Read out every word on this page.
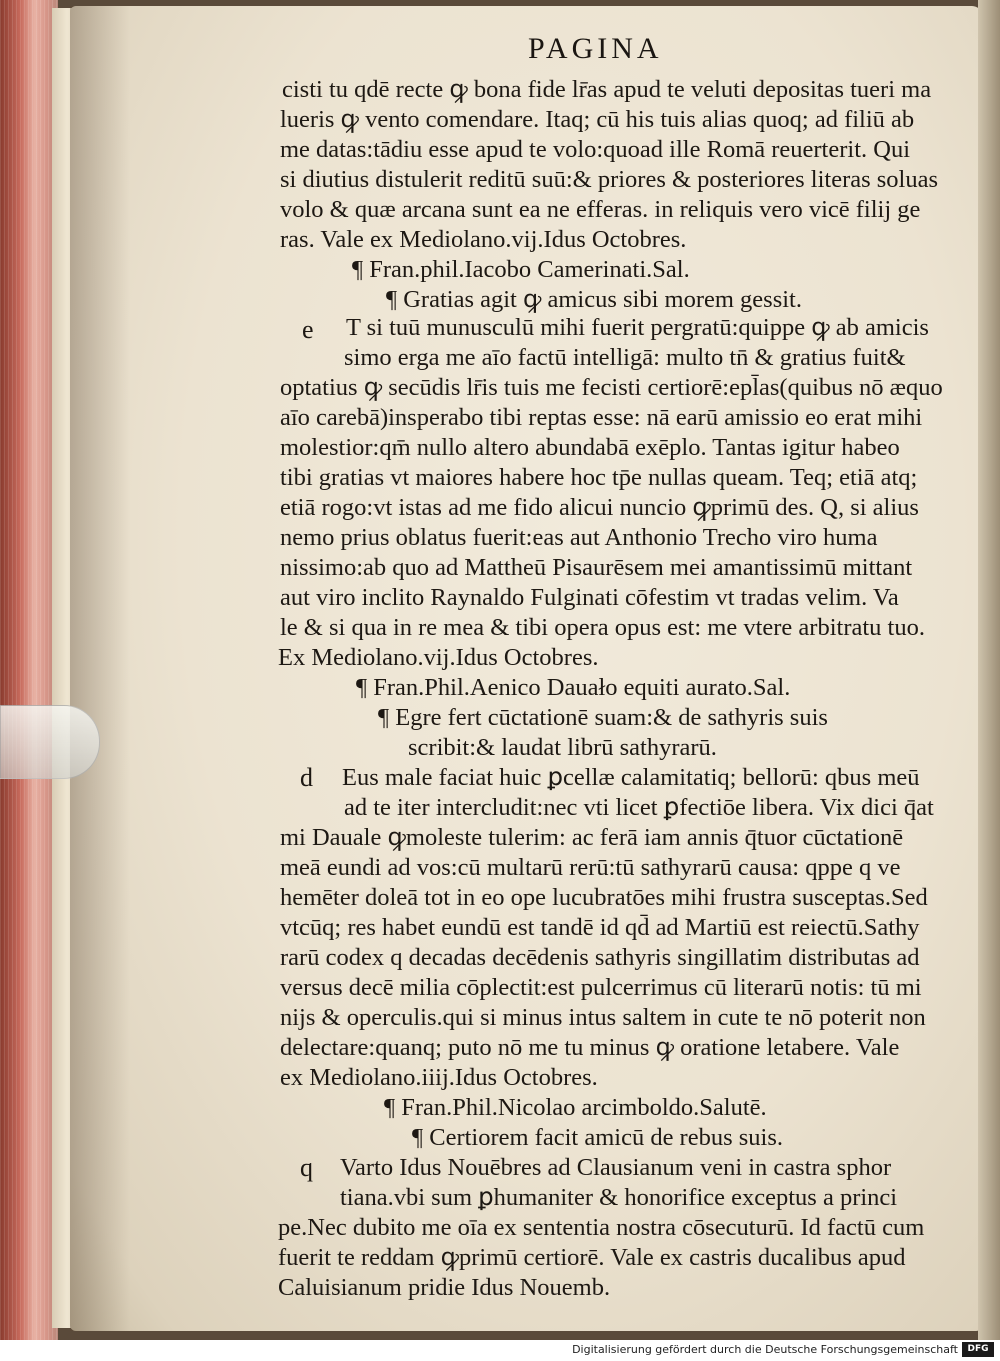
PAGINA
cisti tu qdē recte ꝙ bona fide lr̄as apud te veluti depositas tueri ma
lueris ꝙ vento comendare. Itaq; cū his tuis alias quoq; ad filiū ab
me datas:tādiu esse apud te volo:quoad ille Romā reuerterit. Qui
si diutius distulerit reditū suū:& priores & posteriores literas soluas
volo & quæ arcana sunt ea ne efferas. in reliquis vero vicē filij ge
ras. Vale ex Mediolano.vij.Idus Octobres.
¶ Fran.phil.Iacobo Camerinati.Sal.
¶ Gratias agit ꝙ amicus sibi morem gessit.
e T si tuū munusculū mihi fuerit pergratū:quippe ꝙ ab amicis
simo erga me aīo factū intelligā: multo tn̄ & gratius fuit&
optatius ꝙ secūdis lr̄is tuis me fecisti certiorē:epl̄as(quibus nō æquo
aīo carebā)insperabo tibi reptas esse: nā earū amissio eo erat mihi
molestior:qm̄ nullo altero abundabā exēplo. Tantas igitur habeo
tibi gratias vt maiores habere hoc tp̄e nullas queam. Teq; etiā atq;
etiā rogo:vt istas ad me fido alicui nuncio ꝙprimū des. Q, si alius
nemo prius oblatus fuerit:eas aut Anthonio Trecho viro huma
nissimo:ab quo ad Mattheū Pisaurēsem mei amantissimū mittant
aut viro inclito Raynaldo Fulginati cōfestim vt tradas velim. Va
le & si qua in re mea & tibi opera opus est: me vtere arbitratu tuo.
Ex Mediolano.vij.Idus Octobres.
¶ Fran.Phil.Aenico Dauało equiti aurato.Sal.
¶ Egre fert cūctationē suam:& de sathyris suis
scribit:& laudat librū sathyrarū.
d Eus male faciat huic ꝑcellæ calamitatiq; bellorū: qbus meū
ad te iter intercludit:nec vti licet ꝑfectiōe libera. Vix dici q̄at
mi Dauale ꝙmoleste tulerim: ac ferā iam annis q̄tuor cūctationē
meā eundi ad vos:cū multarū rerū:tū sathyrarū causa: qppe q ve
hemēter doleā tot in eo ope lucubratōes mihi frustra susceptas.Sed
vtcūq; res habet eundū est tandē id qd̄ ad Martiū est reiectū.Sathy
rarū codex q decadas decēdenis sathyris singillatim distributas ad
versus decē milia cōplectit:est pulcerrimus cū literarū notis: tū mi
nijs & operculis.qui si minus intus saltem in cute te nō poterit non
delectare:quanq; puto nō me tu minus ꝙ oratione letabere. Vale
ex Mediolano.iiij.Idus Octobres.
¶ Fran.Phil.Nicolao arcimboldo.Salutē.
¶ Certiorem facit amicū de rebus suis.
q Varto Idus Nouēbres ad Clausianum veni in castra sphor
tiana.vbi sum ꝑhumaniter & honorifice exceptus a princi
pe.Nec dubito me oīa ex sententia nostra cōsecuturū. Id factū cum
fuerit te reddam ꝙprimū certiorē. Vale ex castris ducalibus apud
Caluisianum pridie Idus Nouemb.
Digitalisierung gefördert durch die Deutsche Forschungsgemeinschaft	DFG
